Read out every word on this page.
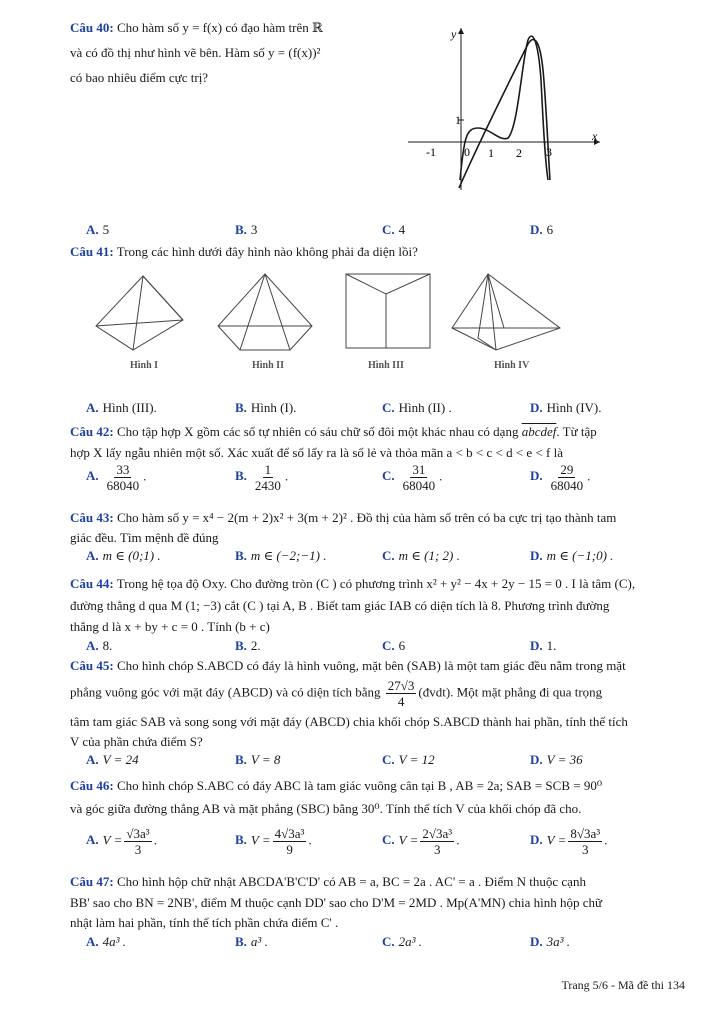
Câu 40: Cho hàm số y = f(x) có đạo hàm trên ℝ
và có đồ thị như hình vẽ bên. Hàm số y = (f(x))²
có bao nhiêu điểm cực trị?
y
x
-1 0 1 2 3
1
A. 5	B. 3	C. 4	D. 6
Câu 41: Trong các hình dưới đây hình nào không phải đa diện lồi?
Hình I	Hình II	Hình III	Hình IV
A. Hình (III).	B. Hình (I).	C. Hình (II) .	D. Hình (IV).
Câu 42: Cho tập hợp X gồm các số tự nhiên có sáu chữ số đôi một khác nhau có dạng abcdef. Từ tập
hợp X lấy ngẫu nhiên một số. Xác xuất để số lấy ra là số lẻ và thỏa mãn a < b < c < d < e < f là
A. $\frac{33}{68040}$ .	B. $\frac{1}{2430}$ .	C. $\frac{31}{68040}$ .	D. $\frac{29}{68040}$ .
Câu 43: Cho hàm số y = x⁴ − 2(m + 2)x² + 3(m + 2)² . Đồ thị của hàm số trên có ba cực trị tạo thành tam
giác đều. Tìm mệnh đề đúng
A. m ∈ (0;1) .	B. m ∈ (−2;−1) .	C. m ∈ (1; 2) .	D. m ∈ (−1;0) .
Câu 44: Trong hệ tọa độ Oxy. Cho đường tròn (C ) có phương trình x² + y² − 4x + 2y − 15 = 0 . I là tâm (C),
đường thẳng d qua M (1; −3) cắt (C ) tại A, B . Biết tam giác IAB có diện tích là 8. Phương trình đường
thẳng d là x + by + c = 0 . Tính (b + c)
A. 8.	B. 2.	C. 6	D. 1.
Câu 45: Cho hình chóp S.ABCD có đáy là hình vuông, mặt bên (SAB) là một tam giác đều nằm trong mặt
phẳng vuông góc với mặt đáy (ABCD) và có diện tích bằng $\frac{27√3}{4}$ (đvdt). Một mặt phẳng đi qua trọng
tâm tam giác SAB và song song với mặt đáy (ABCD) chia khối chóp S.ABCD thành hai phần, tính thể tích
V của phần chứa điểm S?
A. V = 24	B. V = 8	C. V = 12	D. V = 36
Câu 46: Cho hình chóp S.ABC có đáy ABC là tam giác vuông cân tại B , AB = 2a; SAB = SCB = 90⁰
và góc giữa đường thẳng AB và mặt phẳng (SBC) bằng 30⁰. Tính thể tích V của khối chóp đã cho.
A. $V = \frac{\text{√3a³}}{3}$ .	B. $V = \frac{\text{4√3a³}}{9}$ .	C. $V = \frac{\text{2√3a³}}{3}$ .	D. $V = \frac{\text{8√3a³}}{3}$ .
Câu 47: Cho hình hộp chữ nhật ABCDA'B'C'D' có AB = a, BC = 2a . AC' = a . Điểm N thuộc cạnh
BB' sao cho BN = 2NB', điểm M thuộc cạnh DD' sao cho D'M = 2MD . Mp(A'MN) chia hình hộp chữ
nhật làm hai phần, tính thể tích phần chứa điểm C' .
A. 4a³ .	B. a³ .	C. 2a³ .	D. 3a³ .
Trang 5/6 - Mã đề thi 134
